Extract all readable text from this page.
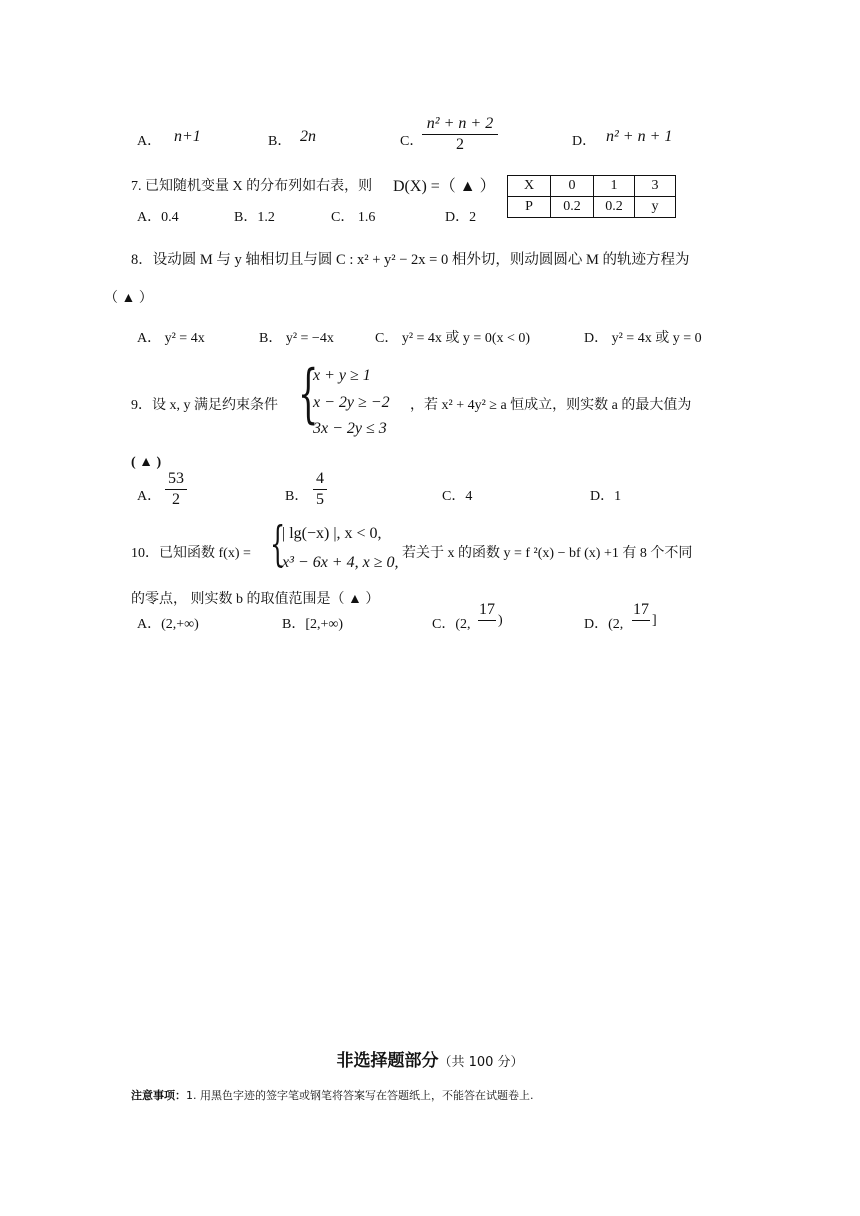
A． n+1	B． 2n	C．
n² + n + 2
2	D． n² + n + 1
7. 已知随机变量 X 的分布列如右表，则 D(X) =（ ▲ ）
A．0.4	B．1.2	C． 1.6	D．2
X	0	1	3
P	0.2	0.2	y
8．设动圆 M 与 y 轴相切且与圆 C : x² + y² − 2x = 0 相外切，则动圆圆心 M 的轨迹方程为
（ ▲ ）
A． y² = 4x	B． y² = −4x	C． y² = 4x 或 y = 0(x < 0)	D． y² = 4x 或 y = 0
9．设 x, y 满足约束条件 {
x + y ≥ 1
x − 2y ≥ −2
3x − 2y ≤ 3
，若 x² + 4y² ≥ a 恒成立，则实数 a 的最大值为
( ▲ )
A．
53
2	B．
4
5	C．4	D．1
10．已知函数 f(x) = {
| lg(−x) |, x < 0,
x³ − 6x + 4, x ≥ 0,
若关于 x 的函数 y = f ²(x) − bf (x) +1 有 8 个不同
的零点， 则实数 b 的取值范围是（ ▲ ）
A．(2,+∞)	B．[2,+∞)	C．(2,
17
)	D．(2,
17
]
非选择题部分（共 100 分）
注意事项：1. 用黑色字迹的签字笔或钢笔将答案写在答题纸上，不能答在试题卷上.
